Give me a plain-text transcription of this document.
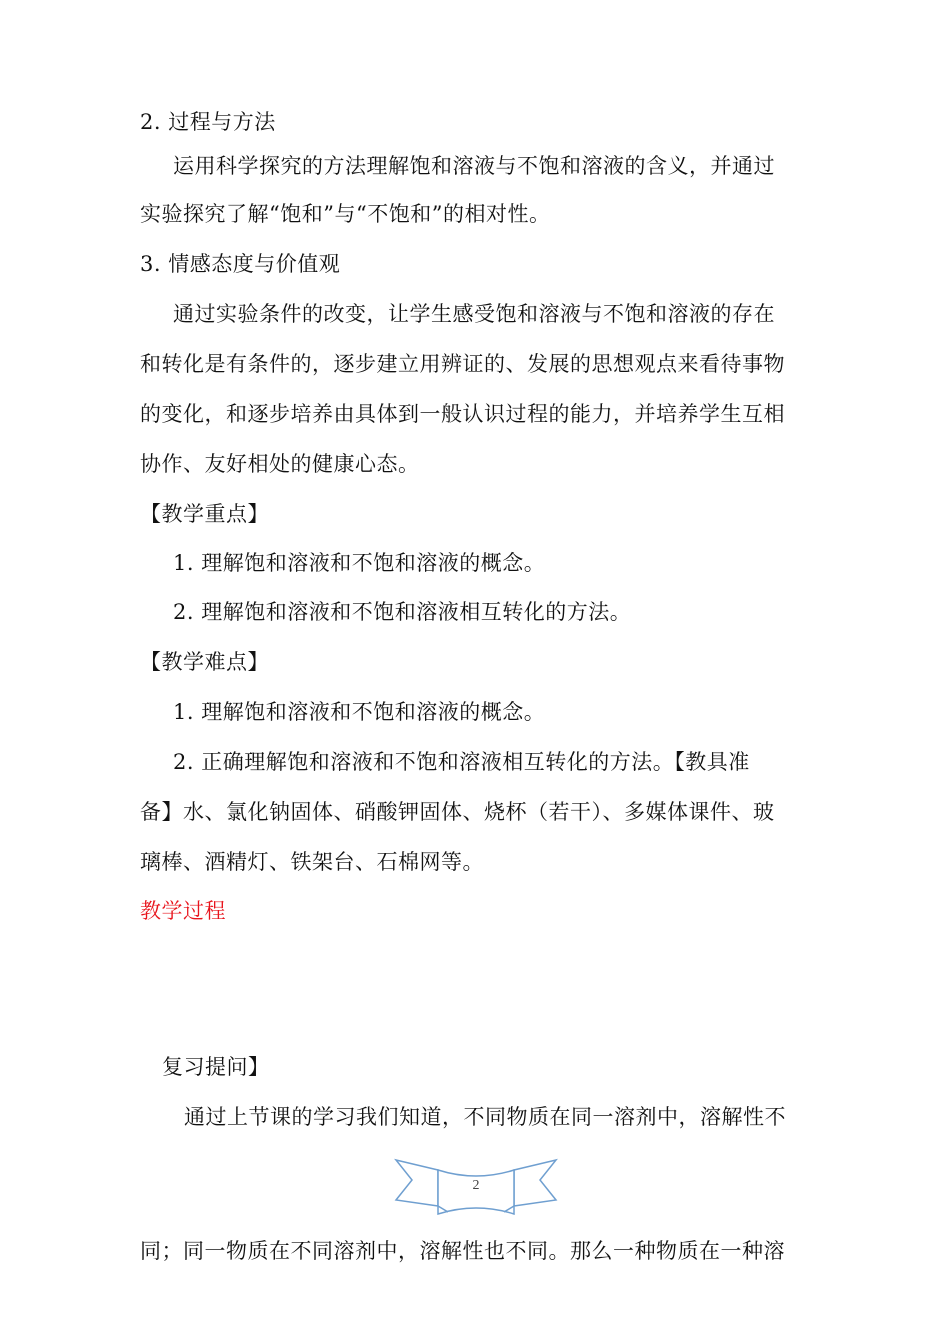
2. 过程与方法
运用科学探究的方法理解饱和溶液与不饱和溶液的含义，并通过
实验探究了解“饱和”与“不饱和”的相对性。
3. 情感态度与价值观
通过实验条件的改变，让学生感受饱和溶液与不饱和溶液的存在
和转化是有条件的，逐步建立用辨证的、发展的思想观点来看待事物
的变化，和逐步培养由具体到一般认识过程的能力，并培养学生互相
协作、友好相处的健康心态。
【教学重点】
1. 理解饱和溶液和不饱和溶液的概念。
2. 理解饱和溶液和不饱和溶液相互转化的方法。
【教学难点】
1. 理解饱和溶液和不饱和溶液的概念。
2. 正确理解饱和溶液和不饱和溶液相互转化的方法。【教具准
备】水、氯化钠固体、硝酸钾固体、烧杯（若干）、多媒体课件、玻
璃棒、酒精灯、铁架台、石棉网等。
教学过程
复习提问】
通过上节课的学习我们知道，不同物质在同一溶剂中，溶解性不
2
同；同一物质在不同溶剂中，溶解性也不同。那么一种物质在一种溶
